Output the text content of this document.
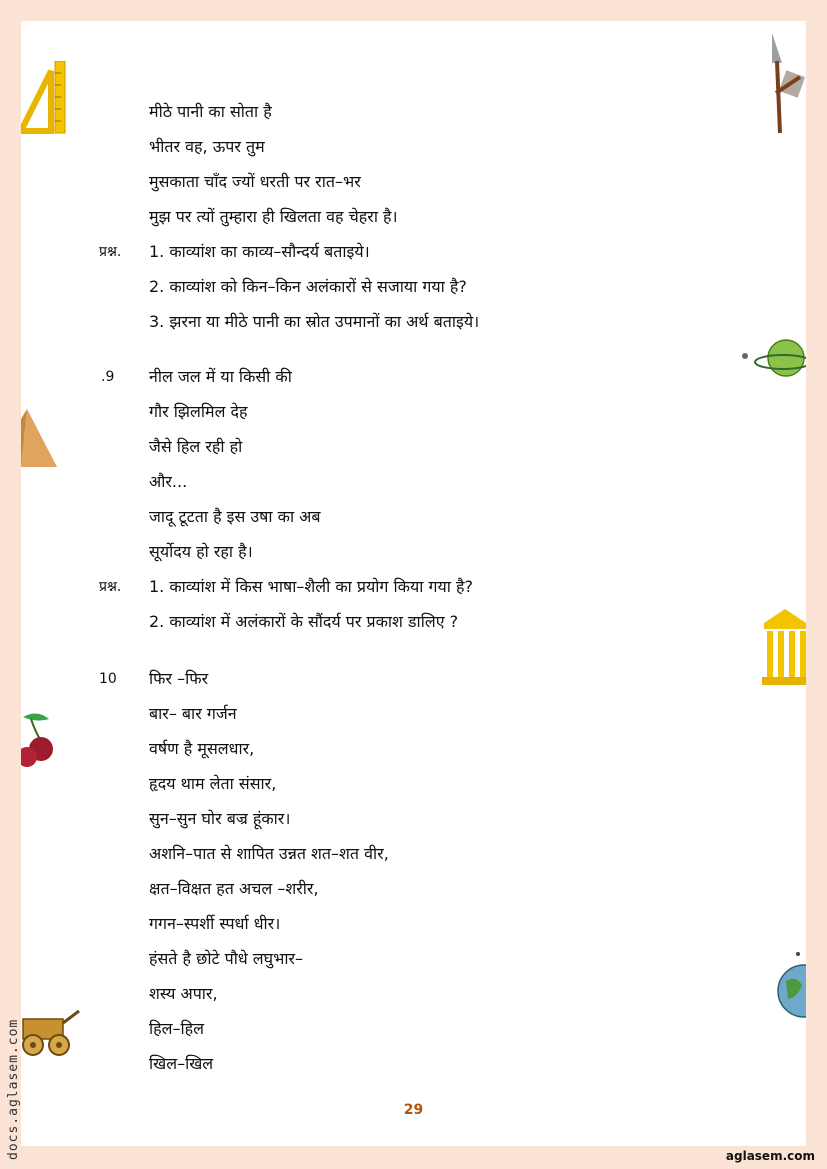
मीठे पानी का सोता है
भीतर वह, ऊपर तुम
मुसकाता चाँद ज्यों धरती पर रात–भर
मुझ पर त्यों तुम्हारा ही खिलता वह चेहरा है।
प्रश्न. 1. काव्यांश का काव्य–सौन्दर्य बताइये।
2. काव्यांश को किन–किन अलंकारों से सजाया गया है?
3. झरना या मीठे पानी का स्रोत उपमानों का अर्थ बताइये।
.9 नील जल में या किसी की
गौर झिलमिल देह
जैसे हिल रही हो
और...
जादू टूटता है इस उषा का अब
सूर्योदय हो रहा है।
प्रश्न. 1. काव्यांश में किस भाषा–शैली का प्रयोग किया गया है?
2. काव्यांश में अलंकारों के सौंदर्य पर प्रकाश डालिए ?
10 फिर –फिर
बार– बार गर्जन
वर्षण है मूसलधार,
हृदय थाम लेता संसार,
सुन–सुन घोर बज्र हूंकार।
अशनि–पात से शापित उन्नत शत–शत वीर,
क्षत–विक्षत हत अचल –शरीर,
गगन–स्पर्शी स्पर्धा धीर।
हंसते है छोटे पौधे लघुभार–
शस्य अपार,
हिल–हिल
खिल–खिल
29
docs.aglasem.com	aglasem.com
